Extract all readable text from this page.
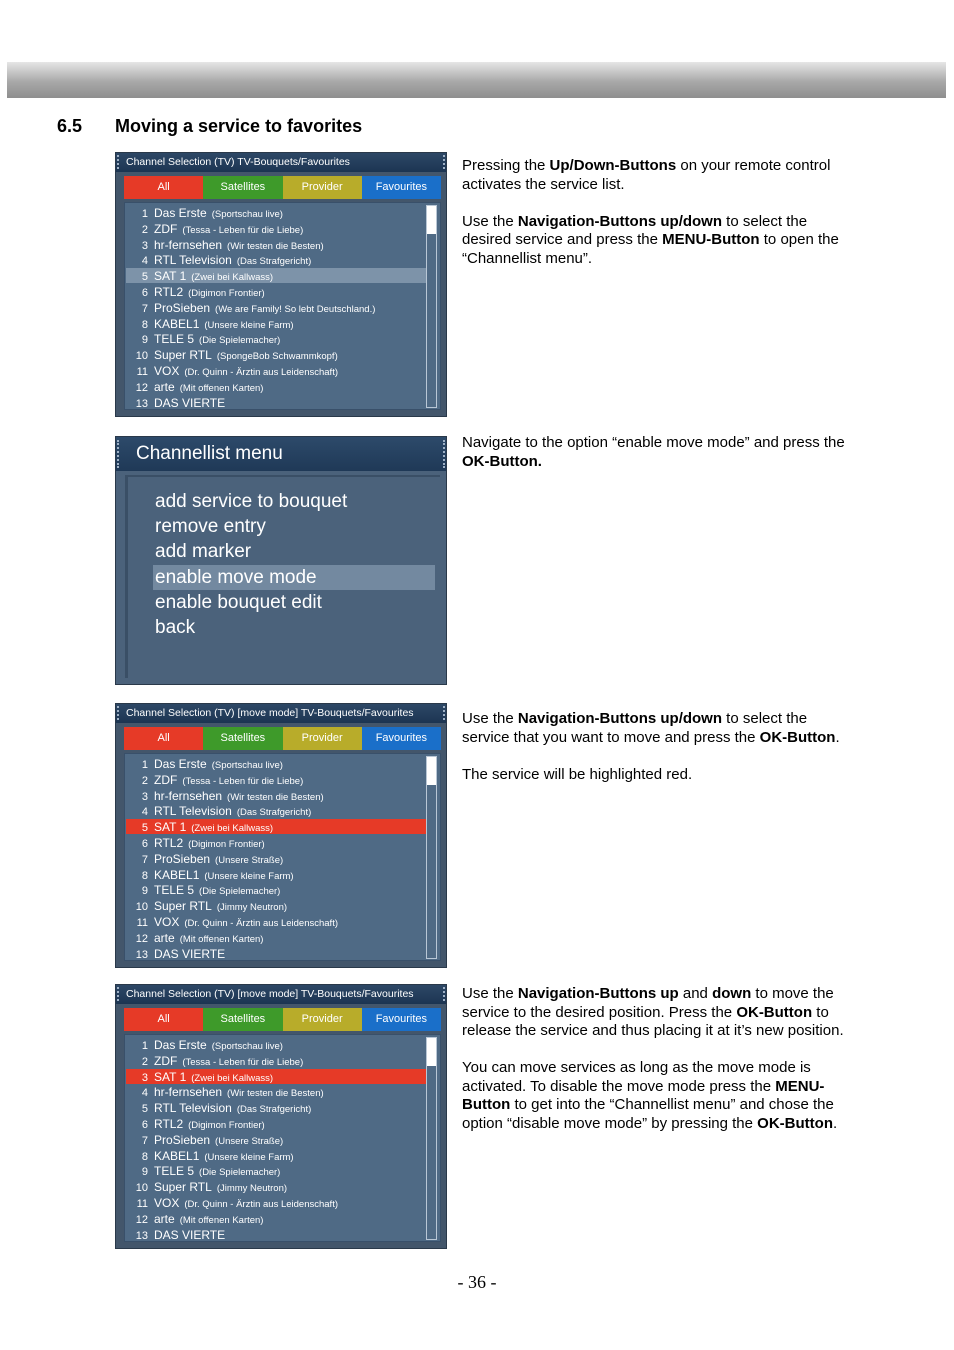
6.5 Moving a service to favorites
Channel Selection (TV) TV-Bouquets/Favourites
All	Satellites	Provider	Favourites
1 Das Erste (Sportschau live)
2 ZDF (Tessa - Leben für die Liebe)
3 hr-fernsehen (Wir testen die Besten)
4 RTL Television (Das Strafgericht)
5 SAT 1 (Zwei bei Kallwass)
6 RTL2 (Digimon Frontier)
7 ProSieben (We are Family! So lebt Deutschland.)
8 KABEL1 (Unsere kleine Farm)
9 TELE 5 (Die Spielemacher)
10 Super RTL (SpongeBob Schwammkopf)
11 VOX (Dr. Quinn - Ärztin aus Leidenschaft)
12 arte (Mit offenen Karten)
13 DAS VIERTE
Channellist menu
add service to bouquet
remove entry
add marker
enable move mode
enable bouquet edit
back
Channel Selection (TV) [move mode] TV-Bouquets/Favourites
All	Satellites	Provider	Favourites
1 Das Erste (Sportschau live)
2 ZDF (Tessa - Leben für die Liebe)
3 hr-fernsehen (Wir testen die Besten)
4 RTL Television (Das Strafgericht)
5 SAT 1 (Zwei bei Kallwass)
6 RTL2 (Digimon Frontier)
7 ProSieben (Unsere Straße)
8 KABEL1 (Unsere kleine Farm)
9 TELE 5 (Die Spielemacher)
10 Super RTL (Jimmy Neutron)
11 VOX (Dr. Quinn - Ärztin aus Leidenschaft)
12 arte (Mit offenen Karten)
13 DAS VIERTE
Channel Selection (TV) [move mode] TV-Bouquets/Favourites
All	Satellites	Provider	Favourites
1 Das Erste (Sportschau live)
2 ZDF (Tessa - Leben für die Liebe)
3 SAT 1 (Zwei bei Kallwass)
4 hr-fernsehen (Wir testen die Besten)
5 RTL Television (Das Strafgericht)
6 RTL2 (Digimon Frontier)
7 ProSieben (Unsere Straße)
8 KABEL1 (Unsere kleine Farm)
9 TELE 5 (Die Spielemacher)
10 Super RTL (Jimmy Neutron)
11 VOX (Dr. Quinn - Ärztin aus Leidenschaft)
12 arte (Mit offenen Karten)
13 DAS VIERTE

Pressing the Up/Down-Buttons on your remote control activates the service list.

Use the Navigation-Buttons up/down to select the desired service and press the MENU-Button to open the “Channellist menu”.

Navigate to the option “enable move mode” and press the OK-Button.

Use the Navigation-Buttons up/down to select the service that you want to move and press the OK-Button.

The service will be highlighted red.

Use the Navigation-Buttons up and down to move the service to the desired position. Press the OK-Button to release the service and thus placing it at it’s new position.

You can move services as long as the move mode is activated. To disable the move mode press the MENU-Button to get into the “Channellist menu” and chose the option “disable move mode” by pressing the OK-Button.

- 36 -
